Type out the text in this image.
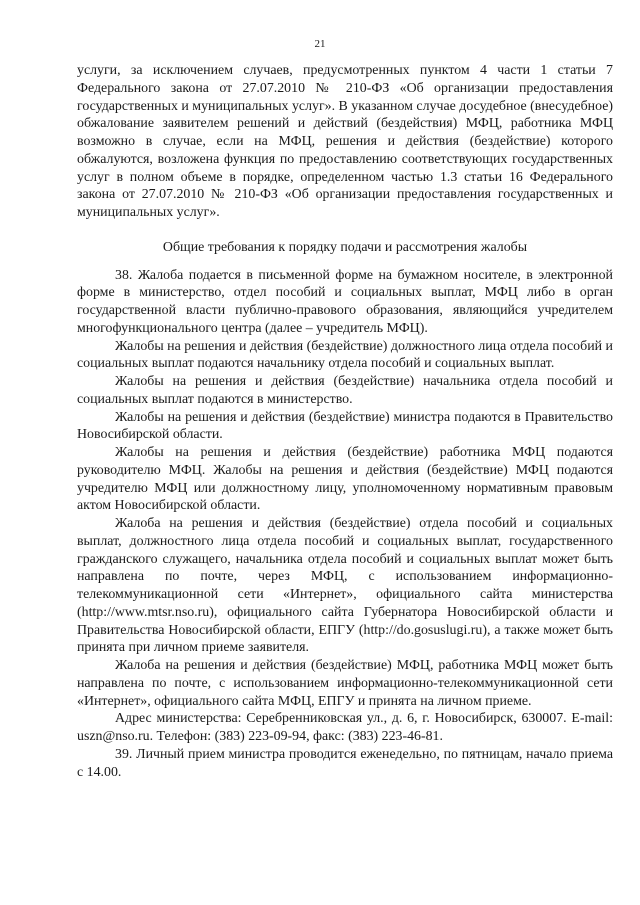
21

услуги, за исключением случаев, предусмотренных пунктом 4 части 1 статьи 7 Федерального закона от 27.07.2010 № 210-ФЗ «Об организации предоставления государственных и муниципальных услуг». В указанном случае досудебное (внесудебное) обжалование заявителем решений и действий (бездействия) МФЦ, работника МФЦ возможно в случае, если на МФЦ, решения и действия (бездействие) которого обжалуются, возложена функция по предоставлению соответствующих государственных услуг в полном объеме в порядке, определенном частью 1.3 статьи 16 Федерального закона от 27.07.2010 № 210-ФЗ «Об организации предоставления государственных и муниципальных услуг».

Общие требования к порядку подачи и рассмотрения жалобы

38. Жалоба подается в письменной форме на бумажном носителе, в электронной форме в министерство, отдел пособий и социальных выплат, МФЦ либо в орган государственной власти публично-правового образования, являющийся учредителем многофункционального центра (далее – учредитель МФЦ).

Жалобы на решения и действия (бездействие) должностного лица отдела пособий и социальных выплат подаются начальнику отдела пособий и социальных выплат.

Жалобы на решения и действия (бездействие) начальника отдела пособий и социальных выплат подаются в министерство.

Жалобы на решения и действия (бездействие) министра подаются в Правительство Новосибирской области.

Жалобы на решения и действия (бездействие) работника МФЦ подаются руководителю МФЦ. Жалобы на решения и действия (бездействие) МФЦ подаются учредителю МФЦ или должностному лицу, уполномоченному нормативным правовым актом Новосибирской области.

Жалоба на решения и действия (бездействие) отдела пособий и социальных выплат, должностного лица отдела пособий и социальных выплат, государственного гражданского служащего, начальника отдела пособий и социальных выплат может быть направлена по почте, через МФЦ, с использованием информационно-телекоммуникационной сети «Интернет», официального сайта министерства (http://www.mtsr.nso.ru), официального сайта Губернатора Новосибирской области и Правительства Новосибирской области, ЕПГУ (http://do.gosuslugi.ru), а также может быть принята при личном приеме заявителя.

Жалоба на решения и действия (бездействие) МФЦ, работника МФЦ может быть направлена по почте, с использованием информационно-телекоммуникационной сети «Интернет», официального сайта МФЦ, ЕПГУ и принята на личном приеме.

Адрес министерства: Серебренниковская ул., д. 6, г. Новосибирск, 630007. E-mail: uszn@nso.ru. Телефон: (383) 223-09-94, факс: (383) 223-46-81.

39. Личный прием министра проводится еженедельно, по пятницам, начало приема с 14.00.
